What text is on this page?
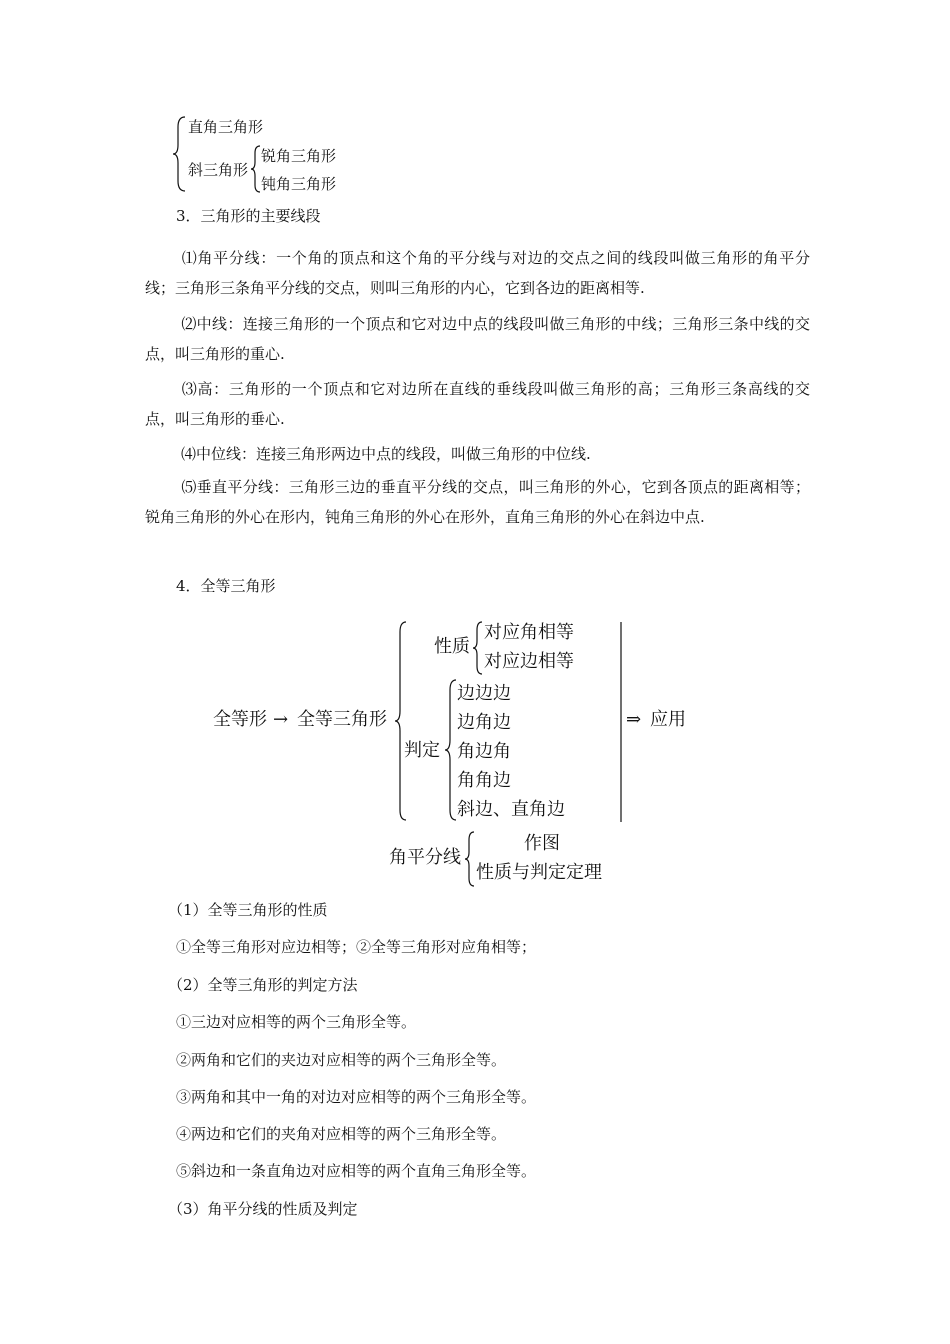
直角三角形
斜三角形
锐角三角形
钝角三角形
3．三角形的主要线段
⑴角平分线：一个角的顶点和这个角的平分线与对边的交点之间的线段叫做三角形的角平分线；三角形三条角平分线的交点，则叫三角形的内心，它到各边的距离相等.
⑵中线：连接三角形的一个顶点和它对边中点的线段叫做三角形的中线；三角形三条中线的交点，叫三角形的重心.
⑶高：三角形的一个顶点和它对边所在直线的垂线段叫做三角形的高；三角形三条高线的交点，叫三角形的垂心.
⑷中位线：连接三角形两边中点的线段，叫做三角形的中位线.
⑸垂直平分线：三角形三边的垂直平分线的交点，叫三角形的外心，它到各顶点的距离相等；锐角三角形的外心在形内，钝角三角形的外心在形外，直角三角形的外心在斜边中点.
4．全等三角形
全等形 → 全等三角形
性质
对应角相等
对应边相等
判定
边边边
边角边
角边角
角角边
斜边、直角边
⇒ 应用
角平分线
作图
性质与判定定理
（1）全等三角形的性质
①全等三角形对应边相等；②全等三角形对应角相等；
（2）全等三角形的判定方法
①三边对应相等的两个三角形全等。
②两角和它们的夹边对应相等的两个三角形全等。
③两角和其中一角的对边对应相等的两个三角形全等。
④两边和它们的夹角对应相等的两个三角形全等。
⑤斜边和一条直角边对应相等的两个直角三角形全等。
（3）角平分线的性质及判定
